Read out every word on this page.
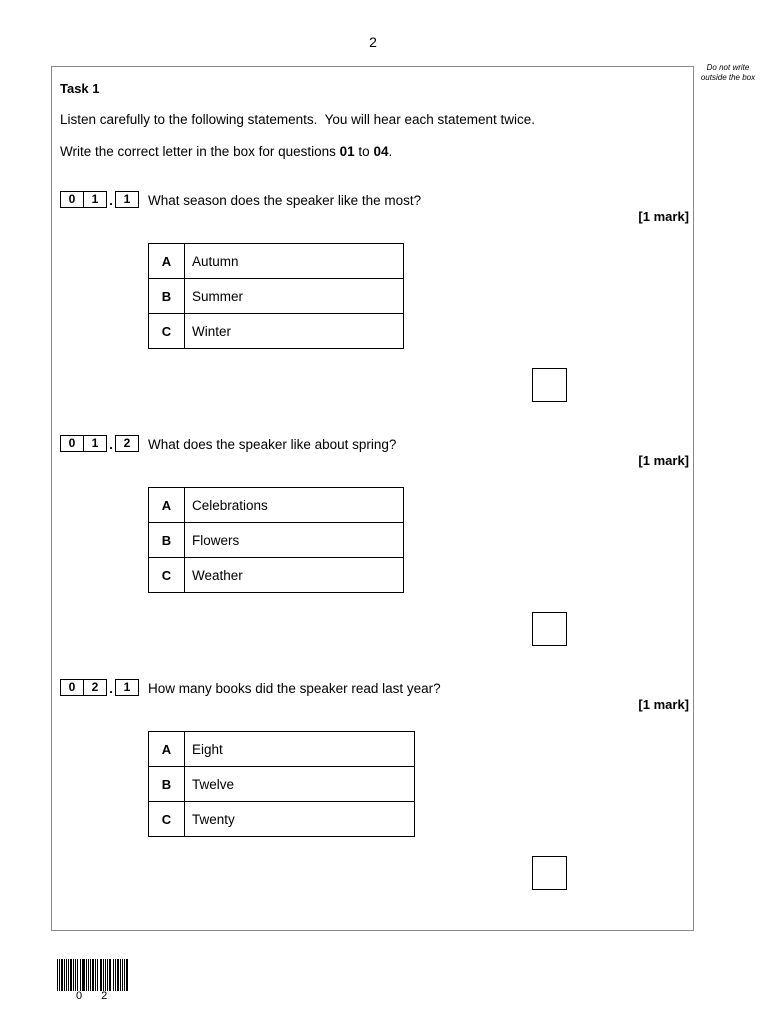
2
Do not write outside the box
Task 1
Listen carefully to the following statements.  You will hear each statement twice.
Write the correct letter in the box for questions 01 to 04.
0	1 . 1	What season does the speaker like the most?
[1 mark]
A	Autumn
B	Summer
C	Winter
0	1 . 2	What does the speaker like about spring?
[1 mark]
A	Celebrations
B	Flowers
C	Weather
0	2 . 1	How many books did the speaker read last year?
[1 mark]
A	Eight
B	Twelve
C	Twenty
0 2
